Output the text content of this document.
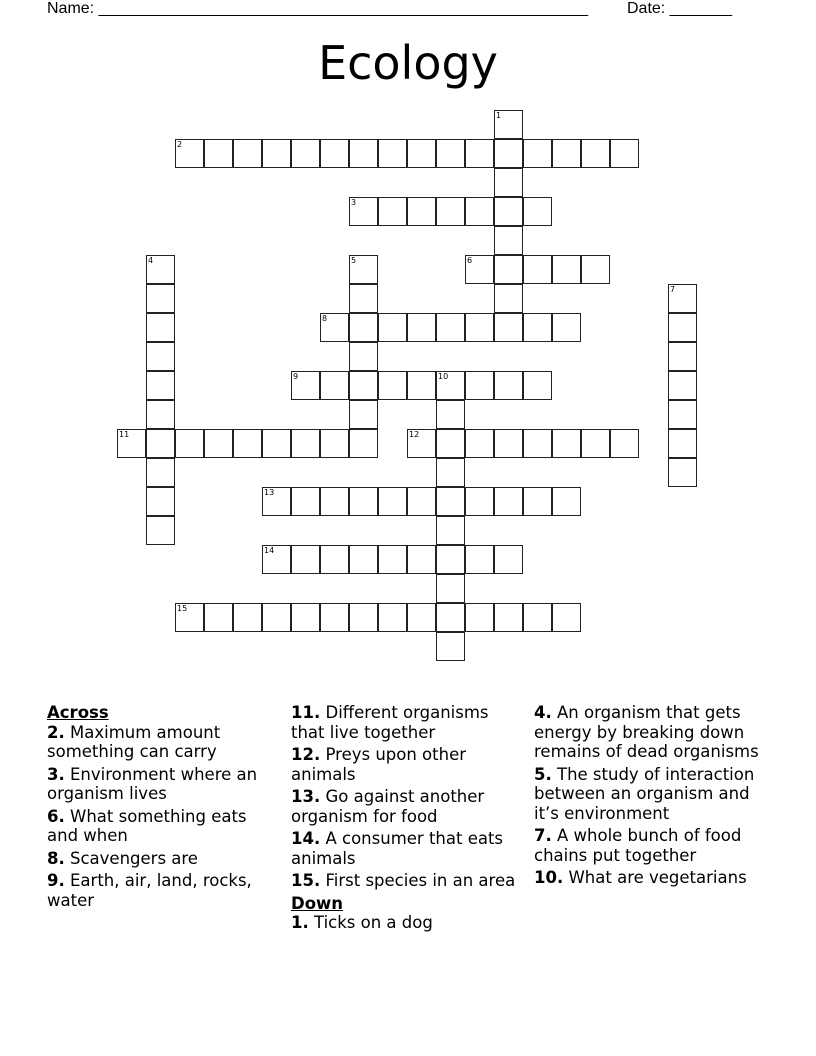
Name: _______________________________________________________ Date: _______
Ecology
1
2
3
4	5	6
7
8
9	10
11	12
13
14
15
Across
2. Maximum amount something can carry
3. Environment where an organism lives
6. What something eats and when
8. Scavengers are
9. Earth, air, land, rocks, water
11. Different organisms that live together
12. Preys upon other animals
13. Go against another organism for food
14. A consumer that eats animals
15. First species in an area
Down
1. Ticks on a dog
4. An organism that gets energy by breaking down remains of dead organisms
5. The study of interaction between an organism and it’s environment
7. A whole bunch of food chains put together
10. What are vegetarians
